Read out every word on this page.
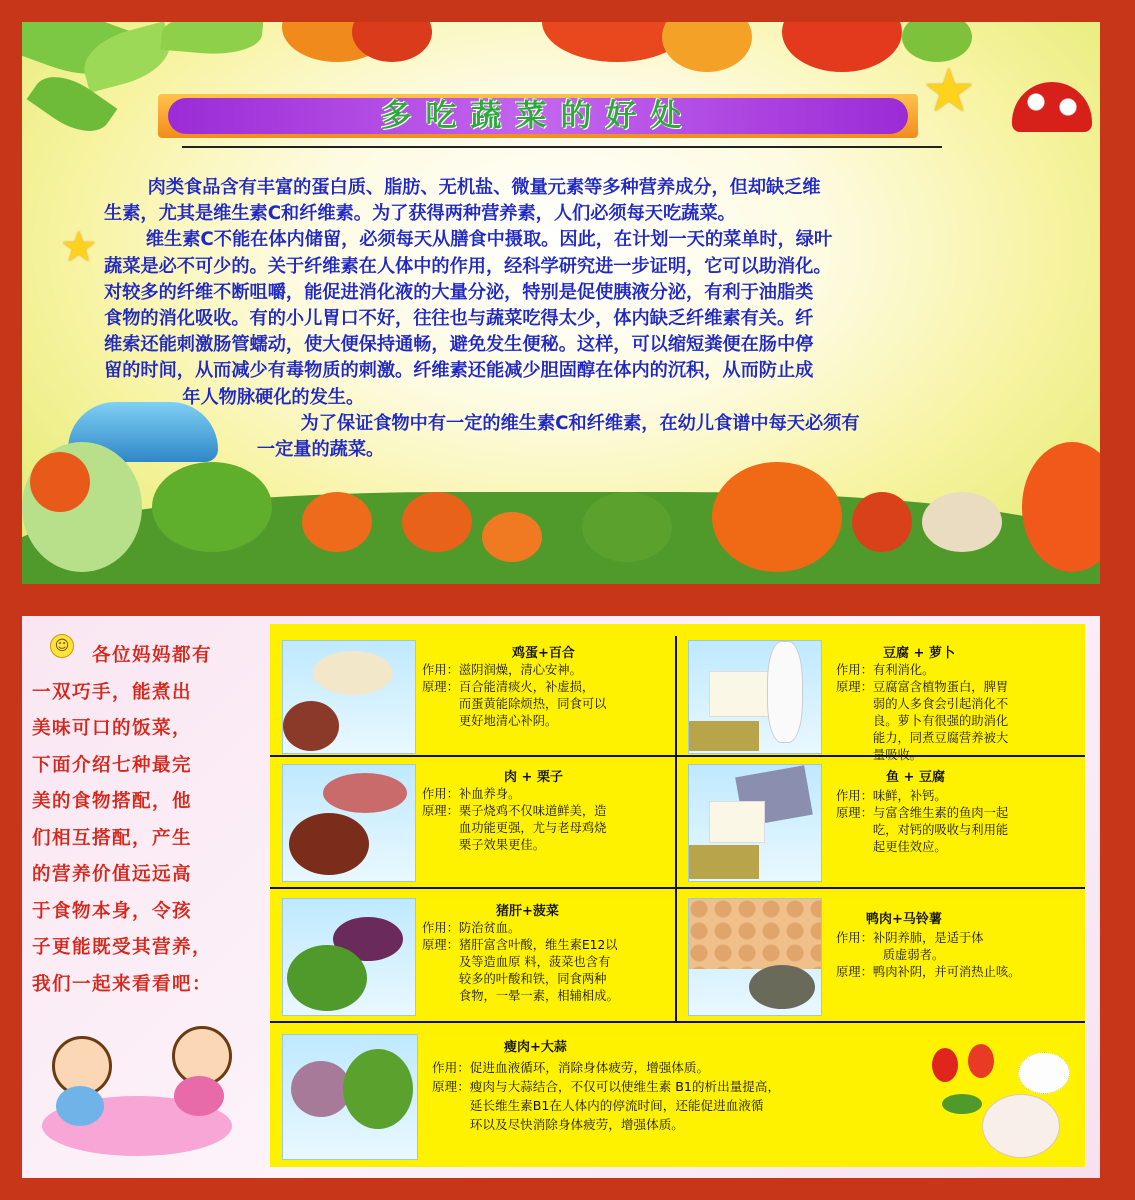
★
★
多吃蔬菜的好处

肉类食品含有丰富的蛋白质、脂肪、无机盐、微量元素等多种营养成分，但却缺乏维

生素，尤其是维生素C和纤维素。为了获得两种营养素，人们必须每天吃蔬菜。

维生素C不能在体内储留，必须每天从膳食中摄取。因此，在计划一天的菜单时，绿叶

蔬菜是必不可少的。关于纤维素在人体中的作用，经科学研究进一步证明，它可以助消化。

对较多的纤维不断咀嚼，能促进消化液的大量分泌，特别是促使胰液分泌，有利于油脂类

食物的消化吸收。有的小儿胃口不好，往往也与蔬菜吃得太少，体内缺乏纤维素有关。纤

维索还能刺激肠管蠕动，使大便保持通畅，避免发生便秘。这样，可以缩短粪便在肠中停

留的时间，从而减少有毒物质的刺激。纤维素还能减少胆固醇在体内的沉积，从而防止成

年人物脉硬化的发生。

为了保证食物中有一定的维生素C和纤维素，在幼儿食谱中每天必须有

一定量的蔬菜。

☺	各位妈妈都有
一双巧手，能煮出
美味可口的饭菜，
下面介绍七种最完
美的食物搭配，他
们相互搭配，产生
的营养价值远远高
于食物本身，令孩
子更能既受其营养，
我们一起来看看吧：
鸡蛋+百合
作用： 滋阴润燥，清心安神。
原理： 百合能清痰火，补虚损，
而蛋黄能除烦热，同食可以
更好地清心补阴。
豆腐 + 萝卜
作用： 有利消化。
原理： 豆腐富含植物蛋白，脾胃
弱的人多食会引起消化不
良。萝卜有很强的助消化
能力，同煮豆腐营养被大
量吸收。
肉 + 栗子
作用： 补血养身。
原理： 栗子烧鸡不仅味道鲜美，造
血功能更强，尤与老母鸡烧
栗子效果更佳。
鱼 + 豆腐
作用： 味鲜，补钙。
原理： 与富含维生素的鱼肉一起
吃，对钙的吸收与利用能
起更佳效应。
猪肝+菠菜
作用： 防治贫血。
原理： 猪肝富含叶酸，维生素E12以
及等造血原 料，菠菜也含有
较多的叶酸和铁，同食两种
食物，一晕一素，相辅相成。
鸭肉+马铃薯
作用： 补阴养肺，是适于体
质虚弱者。
原理： 鸭肉补阴，并可消热止咳。
瘦肉+大蒜
作用： 促进血液循环，消除身体疲劳，增强体质。
原理： 瘦肉与大蒜结合，不仅可以使维生素 B1的析出量提高，
延长维生素B1在人体内的停流时间，还能促进血液循
环以及尽快消除身体疲劳，增强体质。
